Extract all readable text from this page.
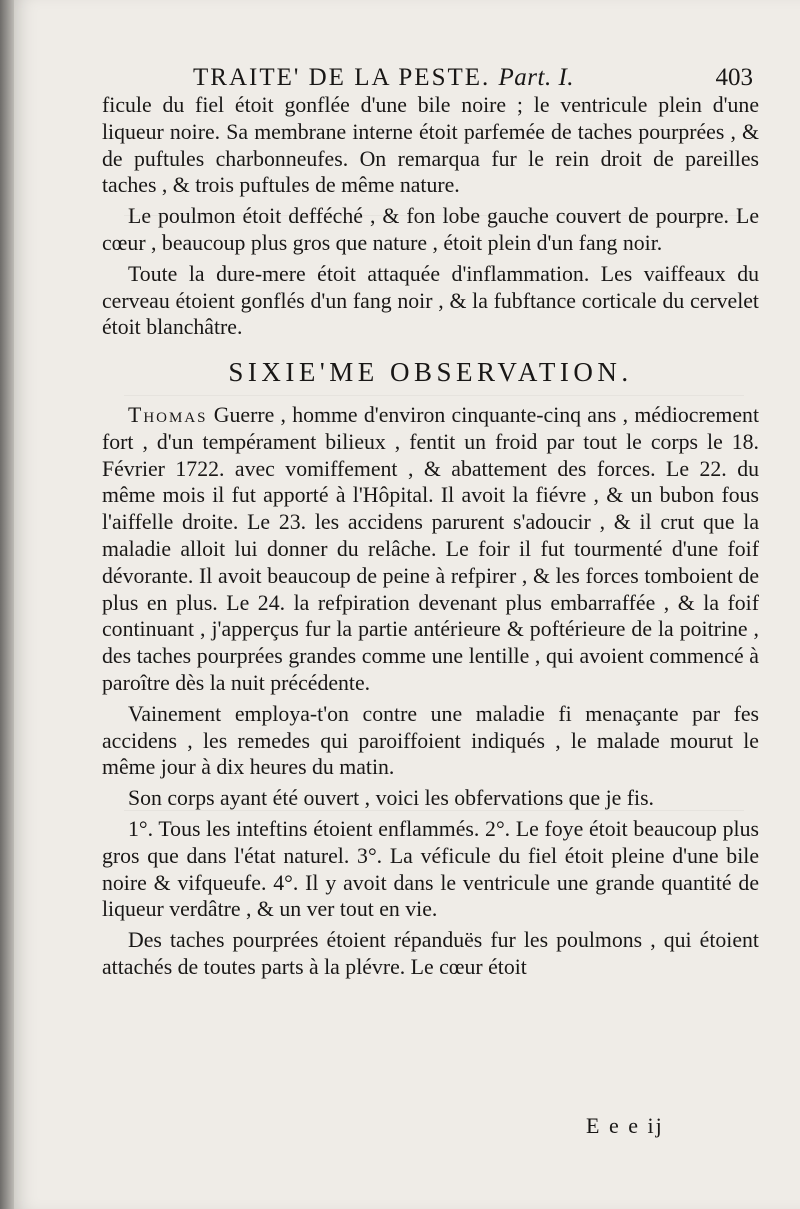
TRAITE' DE LA PESTE. Part. I.	403

ficule du fiel étoit gonflée d'une bile noire ; le ventricule plein d'une liqueur noire. Sa membrane interne étoit parfemée de taches pourprées , & de puftules charbonneufes. On remarqua fur le rein droit de pareilles taches , & trois puftules de même nature.

Le poulmon étoit defféché , & fon lobe gauche couvert de pourpre. Le cœur , beaucoup plus gros que nature , étoit plein d'un fang noir.

Toute la dure-mere étoit attaquée d'inflammation. Les vaiffeaux du cerveau étoient gonflés d'un fang noir , & la fubftance corticale du cervelet étoit blanchâtre.

SIXIE'ME OBSERVATION.

Thomas Guerre , homme d'environ cinquante-cinq ans , médiocrement fort , d'un tempérament bilieux , fentit un froid par tout le corps le 18. Février 1722. avec vomiffement , & abattement des forces. Le 22. du même mois il fut apporté à l'Hôpital. Il avoit la fiévre , & un bubon fous l'aiffelle droite. Le 23. les accidens parurent s'adoucir , & il crut que la maladie alloit lui donner du relâche. Le foir il fut tourmenté d'une foif dévorante. Il avoit beaucoup de peine à refpirer , & les forces tomboient de plus en plus. Le 24. la refpiration devenant plus embarraffée , & la foif continuant , j'apperçus fur la partie antérieure & poftérieure de la poitrine , des taches pourprées grandes comme une lentille , qui avoient commencé à paroître dès la nuit précédente.

Vainement employa-t'on contre une maladie fi menaçante par fes accidens , les remedes qui paroiffoient indiqués , le malade mourut le même jour à dix heures du matin.

Son corps ayant été ouvert , voici les obfervations que je fis.

1°. Tous les inteftins étoient enflammés. 2°. Le foye étoit beaucoup plus gros que dans l'état naturel. 3°. La véficule du fiel étoit pleine d'une bile noire & vifqueufe. 4°. Il y avoit dans le ventricule une grande quantité de liqueur verdâtre , & un ver tout en vie.

Des taches pourprées étoient répanduës fur les poulmons , qui étoient attachés de toutes parts à la plévre. Le cœur étoit

E e e ij
